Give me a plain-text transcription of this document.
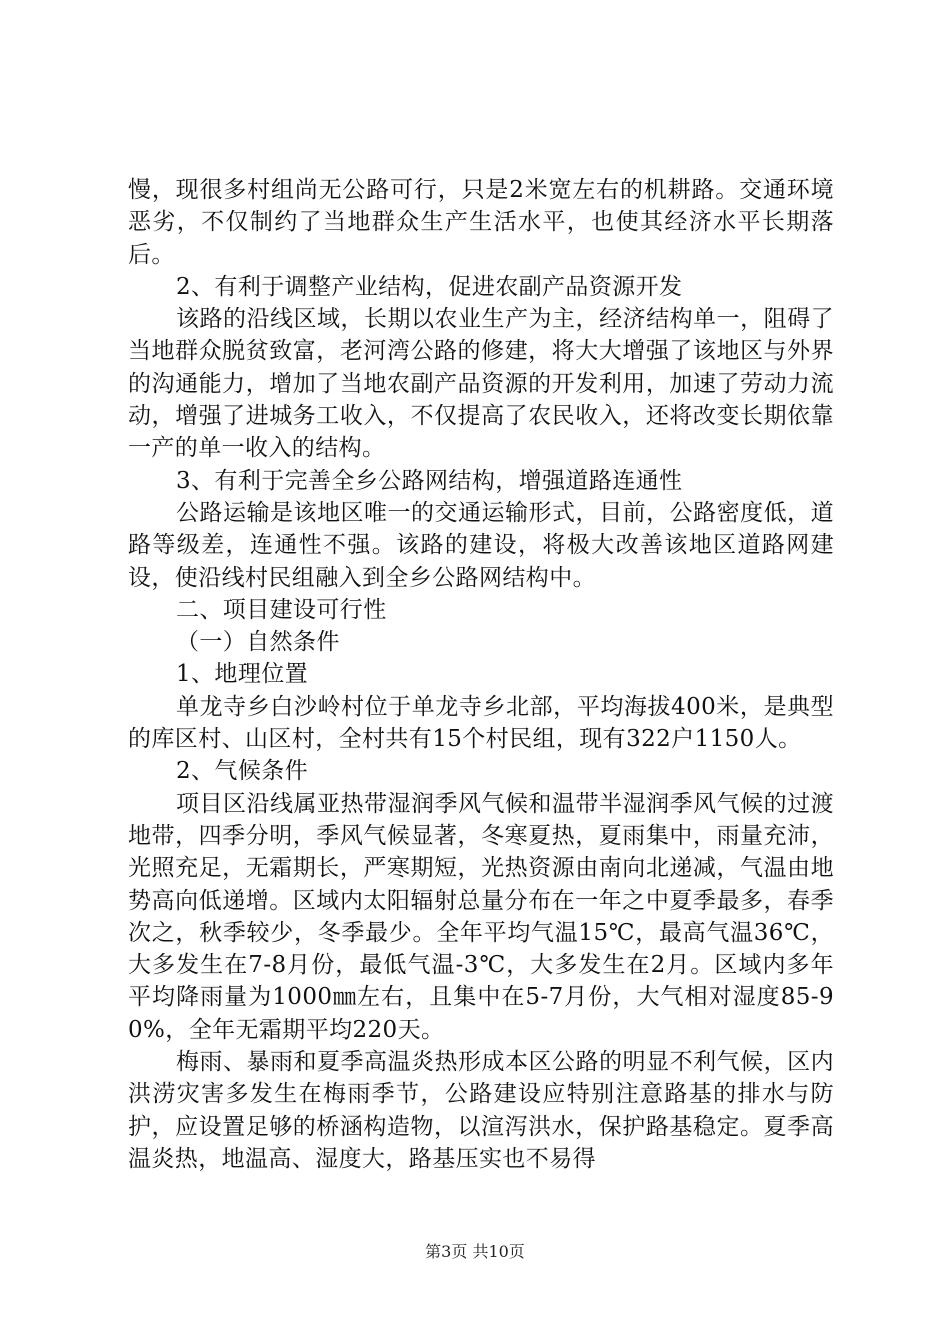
慢，现很多村组尚无公路可行，只是2米宽左右的机耕路。交通环境恶劣，不仅制约了当地群众生产生活水平，也使其经济水平长期落后。

2、有利于调整产业结构，促进农副产品资源开发

该路的沿线区域，长期以农业生产为主，经济结构单一，阻碍了当地群众脱贫致富，老河湾公路的修建，将大大增强了该地区与外界的沟通能力，增加了当地农副产品资源的开发利用，加速了劳动力流动，增强了进城务工收入，不仅提高了农民收入，还将改变长期依靠一产的单一收入的结构。

3、有利于完善全乡公路网结构，增强道路连通性

公路运输是该地区唯一的交通运输形式，目前，公路密度低，道路等级差，连通性不强。该路的建设，将极大改善该地区道路网建设，使沿线村民组融入到全乡公路网结构中。

二、项目建设可行性

（一）自然条件

1、地理位置

单龙寺乡白沙岭村位于单龙寺乡北部，平均海拔400米，是典型的库区村、山区村，全村共有15个村民组，现有322户1150人。

2、气候条件

项目区沿线属亚热带湿润季风气候和温带半湿润季风气候的过渡地带，四季分明，季风气候显著，冬寒夏热，夏雨集中，雨量充沛，光照充足，无霜期长，严寒期短，光热资源由南向北递减，气温由地势高向低递增。区域内太阳辐射总量分布在一年之中夏季最多，春季次之，秋季较少，冬季最少。全年平均气温15℃，最高气温36℃，大多发生在7-8月份，最低气温-3℃，大多发生在2月。区域内多年平均降雨量为1000㎜左右，且集中在5-7月份，大气相对湿度85-90%，全年无霜期平均220天。

梅雨、暴雨和夏季高温炎热形成本区公路的明显不利气候，区内洪涝灾害多发生在梅雨季节，公路建设应特别注意路基的排水与防护，应设置足够的桥涵构造物，以渲泻洪水，保护路基稳定。夏季高温炎热，地温高、湿度大，路基压实也不易得

第3页 共10页
